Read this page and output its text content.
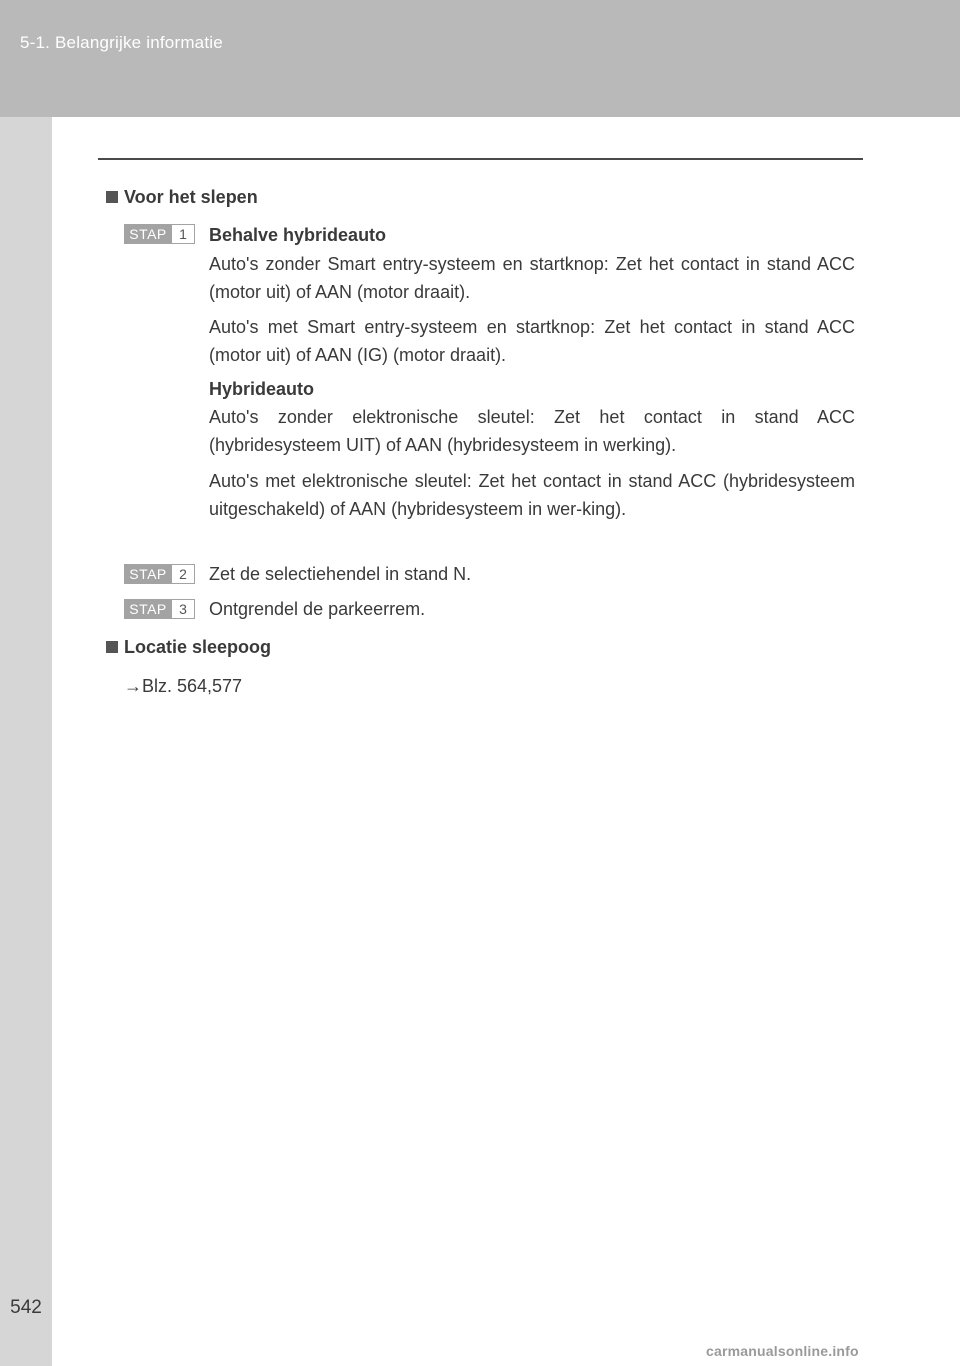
5-1. Belangrijke informatie
Voor het slepen
STAP 1	Behalve hybrideauto
Auto's zonder Smart entry-systeem en startknop: Zet het contact in stand ACC (motor uit) of AAN (motor draait).
Auto's met Smart entry-systeem en startknop: Zet het contact in stand ACC (motor uit) of AAN (IG) (motor draait).
Hybrideauto
Auto's zonder elektronische sleutel: Zet het contact in stand ACC (hybridesysteem UIT) of AAN (hybridesysteem in werking).
Auto's met elektronische sleutel: Zet het contact in stand ACC (hybridesysteem uitgeschakeld) of AAN (hybridesysteem in wer-king).
STAP 2	Zet de selectiehendel in stand N.
STAP 3	Ontgrendel de parkeerrem.
Locatie sleepoog
→Blz. 564,577
542
carmanualsonline.info
